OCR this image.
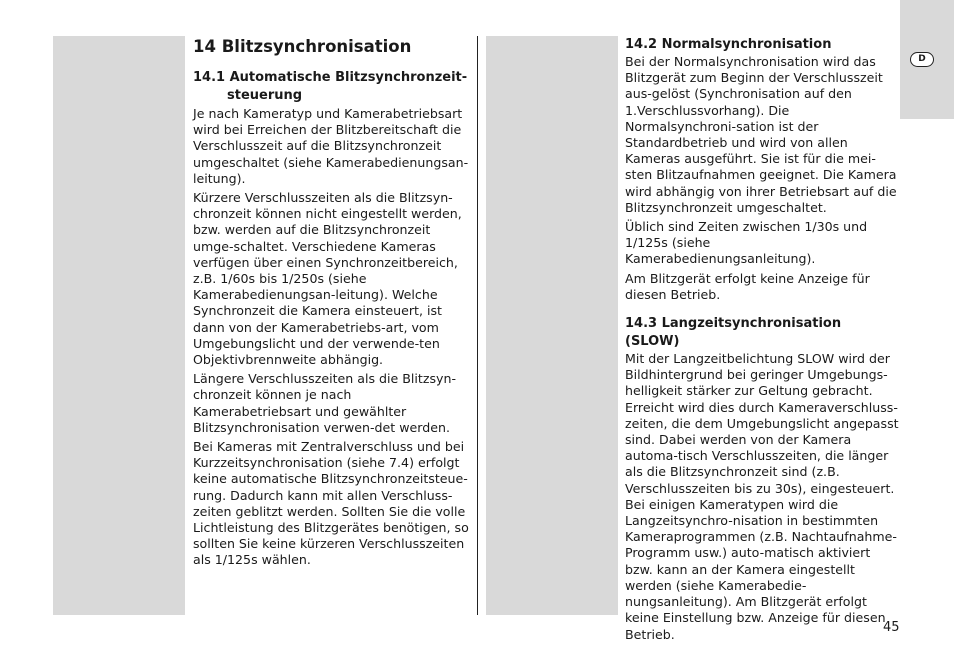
D
14 Blitzsynchronisation
14.1 Automatische Blitzsynchronzeit-
steuerung

Je nach Kameratyp und Kamerabetriebsart wird bei Erreichen der Blitzbereitschaft die Verschlusszeit auf die Blitzsynchronzeit umgeschaltet (siehe Kamerabedienungsan-leitung).

Kürzere Verschlusszeiten als die Blitzsyn-chronzeit können nicht eingestellt werden, bzw. werden auf die Blitzsynchronzeit umge-schaltet. Verschiedene Kameras verfügen über einen Synchronzeitbereich, z.B. 1/60s bis 1/250s (siehe Kamerabedienungsan-leitung). Welche Synchronzeit die Kamera einsteuert, ist dann von der Kamerabetriebs-art, vom Umgebungslicht und der verwende-ten Objektivbrennweite abhängig.

Längere Verschlusszeiten als die Blitzsyn-chronzeit können je nach Kamerabetriebsart und gewählter Blitzsynchronisation verwen-det werden.

Bei Kameras mit Zentralverschluss und bei Kurzzeitsynchronisation (siehe 7.4) erfolgt keine automatische Blitzsynchronzeitsteue-rung. Dadurch kann mit allen Verschluss-zeiten geblitzt werden. Sollten Sie die volle Lichtleistung des Blitzgerätes benötigen, so sollten Sie keine kürzeren Verschlusszeiten als 1/125s wählen.

14.2 Normalsynchronisation

Bei der Normalsynchronisation wird das Blitzgerät zum Beginn der Verschlusszeit aus-gelöst (Synchronisation auf den 1.Verschlussvorhang). Die Normalsynchroni-sation ist der Standardbetrieb und wird von allen Kameras ausgeführt. Sie ist für die mei-sten Blitzaufnahmen geeignet. Die Kamera wird abhängig von ihrer Betriebsart auf die Blitzsynchronzeit umgeschaltet.

Üblich sind Zeiten zwischen 1/30s und 1/125s (siehe Kamerabedienungsanleitung).

Am Blitzgerät erfolgt keine Anzeige für diesen Betrieb.

14.3 Langzeitsynchronisation (SLOW)

Mit der Langzeitbelichtung SLOW wird der Bildhintergrund bei geringer Umgebungs-helligkeit stärker zur Geltung gebracht. Erreicht wird dies durch Kameraverschluss-zeiten, die dem Umgebungslicht angepasst sind. Dabei werden von der Kamera automa-tisch Verschlusszeiten, die länger als die Blitzsynchronzeit sind (z.B. Verschlusszeiten bis zu 30s), eingesteuert. Bei einigen Kameratypen wird die Langzeitsynchro-nisation in bestimmten Kameraprogrammen (z.B. Nachtaufnahme-Programm usw.) auto-matisch aktiviert bzw. kann an der Kamera eingestellt werden (siehe Kamerabedie-nungsanleitung). Am Blitzgerät erfolgt keine Einstellung bzw. Anzeige für diesen Betrieb.	45
